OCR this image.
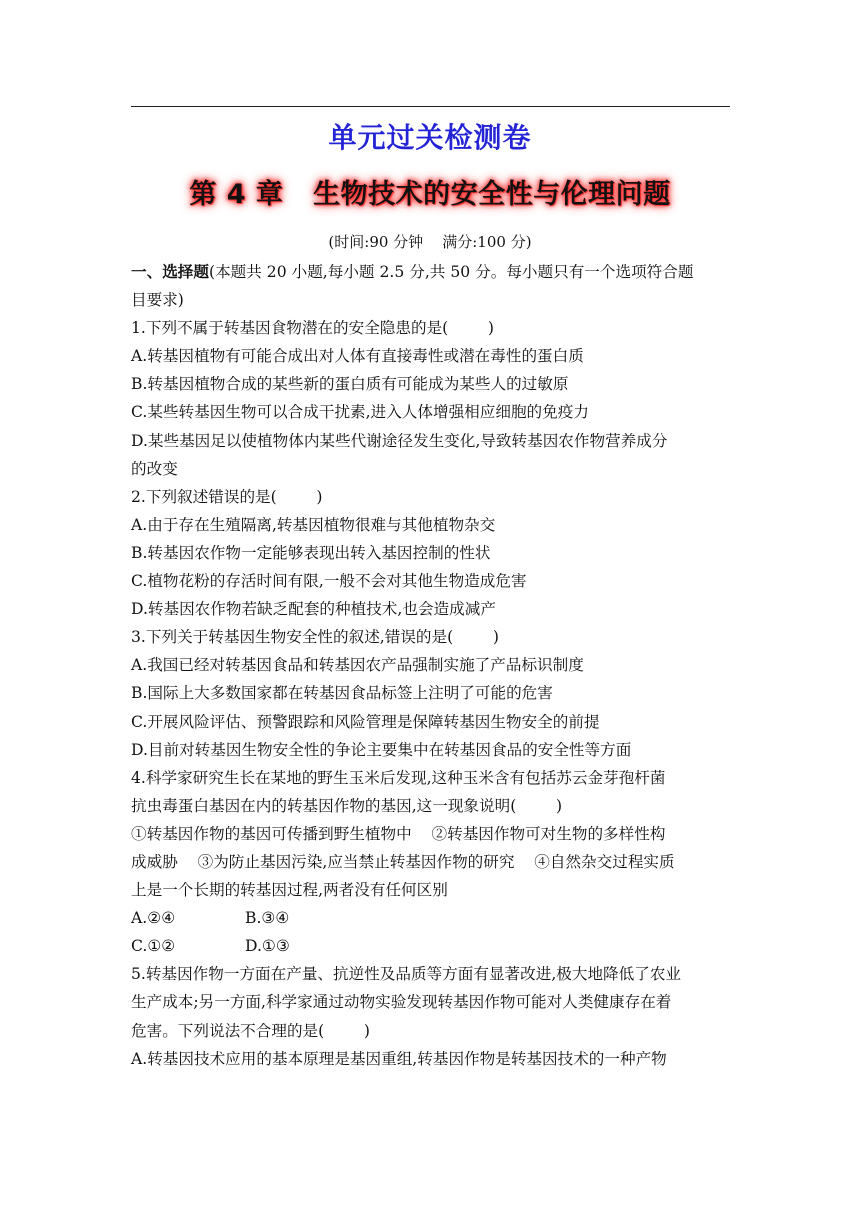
单元过关检测卷
第 4 章   生物技术的安全性与伦理问题
(时间:90 分钟    满分:100 分)
一、选择题(本题共 20 小题,每小题 2.5 分,共 50 分。每小题只有一个选项符合题
目要求)
1.下列不属于转基因食物潜在的安全隐患的是(        )
A.转基因植物有可能合成出对人体有直接毒性或潜在毒性的蛋白质
B.转基因植物合成的某些新的蛋白质有可能成为某些人的过敏原
C.某些转基因生物可以合成干扰素,进入人体增强相应细胞的免疫力
D.某些基因足以使植物体内某些代谢途径发生变化,导致转基因农作物营养成分
的改变
2.下列叙述错误的是(        )
A.由于存在生殖隔离,转基因植物很难与其他植物杂交
B.转基因农作物一定能够表现出转入基因控制的性状
C.植物花粉的存活时间有限,一般不会对其他生物造成危害
D.转基因农作物若缺乏配套的种植技术,也会造成减产
3.下列关于转基因生物安全性的叙述,错误的是(        )
A.我国已经对转基因食品和转基因农产品强制实施了产品标识制度
B.国际上大多数国家都在转基因食品标签上注明了可能的危害
C.开展风险评估、预警跟踪和风险管理是保障转基因生物安全的前提
D.目前对转基因生物安全性的争论主要集中在转基因食品的安全性等方面
4.科学家研究生长在某地的野生玉米后发现,这种玉米含有包括苏云金芽孢杆菌
抗虫毒蛋白基因在内的转基因作物的基因,这一现象说明(        )
①转基因作物的基因可传播到野生植物中    ②转基因作物可对生物的多样性构
成威胁    ③为防止基因污染,应当禁止转基因作物的研究    ④自然杂交过程实质
上是一个长期的转基因过程,两者没有任何区别
A.②④	B.③④
C.①②	D.①③
5.转基因作物一方面在产量、抗逆性及品质等方面有显著改进,极大地降低了农业
生产成本;另一方面,科学家通过动物实验发现转基因作物可能对人类健康存在着
危害。下列说法不合理的是(        )
A.转基因技术应用的基本原理是基因重组,转基因作物是转基因技术的一种产物
